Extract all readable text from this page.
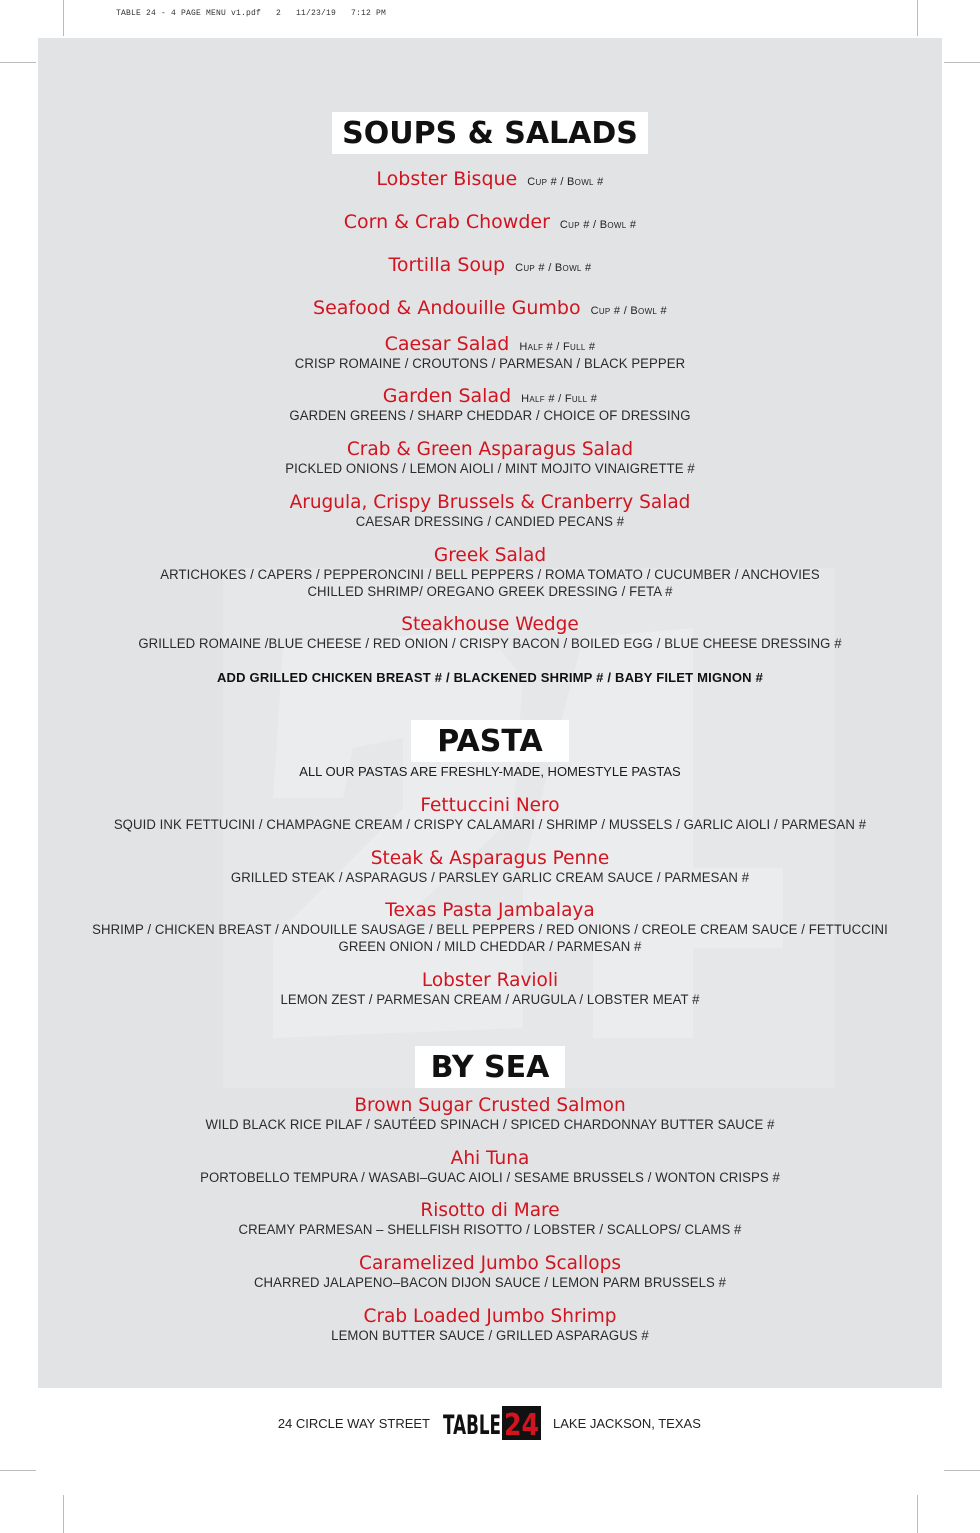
TABLE 24 - 4 PAGE MENU v1.pdf   2   11/23/19   7:12 PM
SOUPS & SALADS
Lobster Bisque Cup # / Bowl #
Corn & Crab Chowder Cup # / Bowl #
Tortilla Soup Cup # / Bowl #
Seafood & Andouille Gumbo Cup # / Bowl #
Caesar Salad Half # / Full #
CRISP ROMAINE / CROUTONS / PARMESAN / BLACK PEPPER
Garden Salad Half # / Full #
GARDEN GREENS / SHARP CHEDDAR / CHOICE OF DRESSING
Crab & Green Asparagus Salad
PICKLED ONIONS / LEMON AIOLI / MINT MOJITO VINAIGRETTE #
Arugula, Crispy Brussels & Cranberry Salad
CAESAR DRESSING / CANDIED PECANS #
Greek Salad
ARTICHOKES / CAPERS / PEPPERONCINI / BELL PEPPERS / ROMA TOMATO / CUCUMBER / ANCHOVIES
CHILLED SHRIMP/ OREGANO GREEK DRESSING / FETA #
Steakhouse Wedge
GRILLED ROMAINE /BLUE CHEESE / RED ONION / CRISPY BACON / BOILED EGG / BLUE CHEESE DRESSING #
ADD GRILLED CHICKEN BREAST # / BLACKENED SHRIMP # / BABY FILET MIGNON #
PASTA
ALL OUR PASTAS ARE FRESHLY-MADE, HOMESTYLE PASTAS
Fettuccini Nero
SQUID INK FETTUCINI / CHAMPAGNE CREAM / CRISPY CALAMARI / SHRIMP / MUSSELS / GARLIC AIOLI / PARMESAN #
Steak & Asparagus Penne
GRILLED STEAK / ASPARAGUS / PARSLEY GARLIC CREAM SAUCE / PARMESAN #
Texas Pasta Jambalaya
SHRIMP / CHICKEN BREAST / ANDOUILLE SAUSAGE / BELL PEPPERS / RED ONIONS / CREOLE CREAM SAUCE / FETTUCCINI
GREEN ONION / MILD CHEDDAR / PARMESAN #
Lobster Ravioli
LEMON ZEST / PARMESAN CREAM / ARUGULA / LOBSTER MEAT #
BY SEA
Brown Sugar Crusted Salmon
WILD BLACK RICE PILAF / SAUTÉED SPINACH / SPICED CHARDONNAY BUTTER SAUCE #
Ahi Tuna
PORTOBELLO TEMPURA / WASABI–GUAC AIOLI / SESAME BRUSSELS / WONTON CRISPS #
Risotto di Mare
CREAMY PARMESAN – SHELLFISH RISOTTO / LOBSTER / SCALLOPS/ CLAMS #
Caramelized Jumbo Scallops
CHARRED JALAPENO–BACON DIJON SAUCE / LEMON PARM BRUSSELS #
Crab Loaded Jumbo Shrimp
LEMON BUTTER SAUCE / GRILLED ASPARAGUS #
24 CIRCLE WAY STREET TABLE 24 LAKE JACKSON, TEXAS
